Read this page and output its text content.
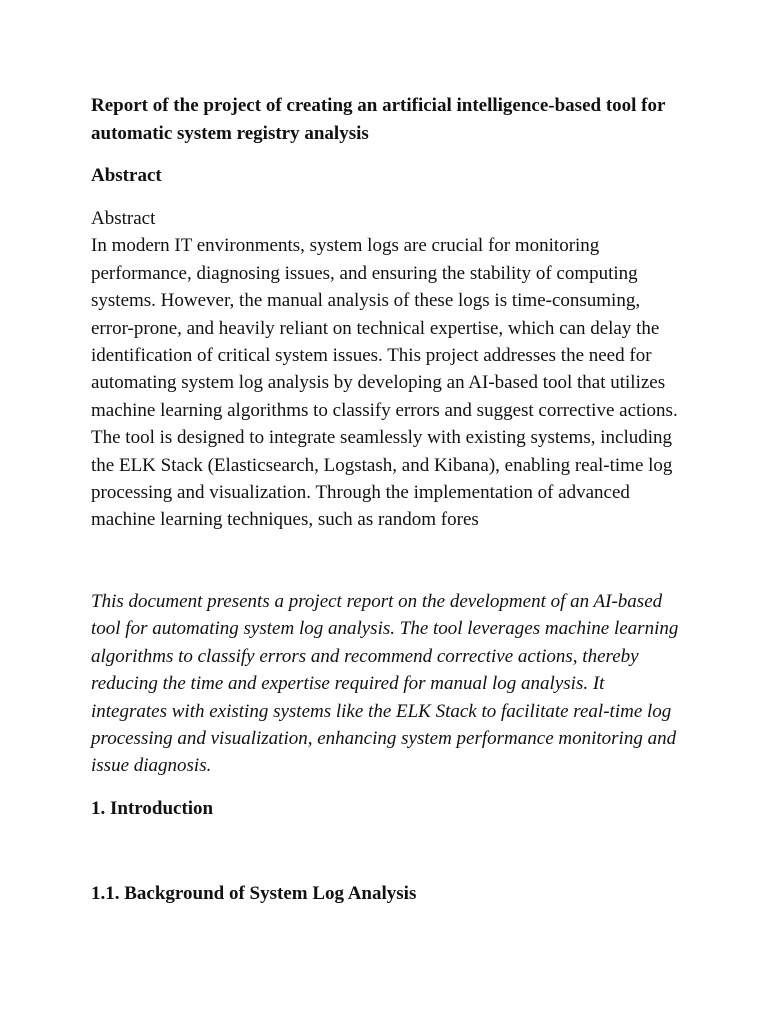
Report of the project of creating an artificial intelligence-based tool for automatic system registry analysis
Abstract
Abstract
In modern IT environments, system logs are crucial for monitoring performance, diagnosing issues, and ensuring the stability of computing systems. However, the manual analysis of these logs is time-consuming, error-prone, and heavily reliant on technical expertise, which can delay the identification of critical system issues. This project addresses the need for automating system log analysis by developing an AI-based tool that utilizes machine learning algorithms to classify errors and suggest corrective actions. The tool is designed to integrate seamlessly with existing systems, including the ELK Stack (Elasticsearch, Logstash, and Kibana), enabling real-time log processing and visualization. Through the implementation of advanced machine learning techniques, such as random fores

This document presents a project report on the development of an AI-based tool for automating system log analysis. The tool leverages machine learning algorithms to classify errors and recommend corrective actions, thereby reducing the time and expertise required for manual log analysis. It integrates with existing systems like the ELK Stack to facilitate real-time log processing and visualization, enhancing system performance monitoring and issue diagnosis.

1. Introduction
1.1. Background of System Log Analysis
